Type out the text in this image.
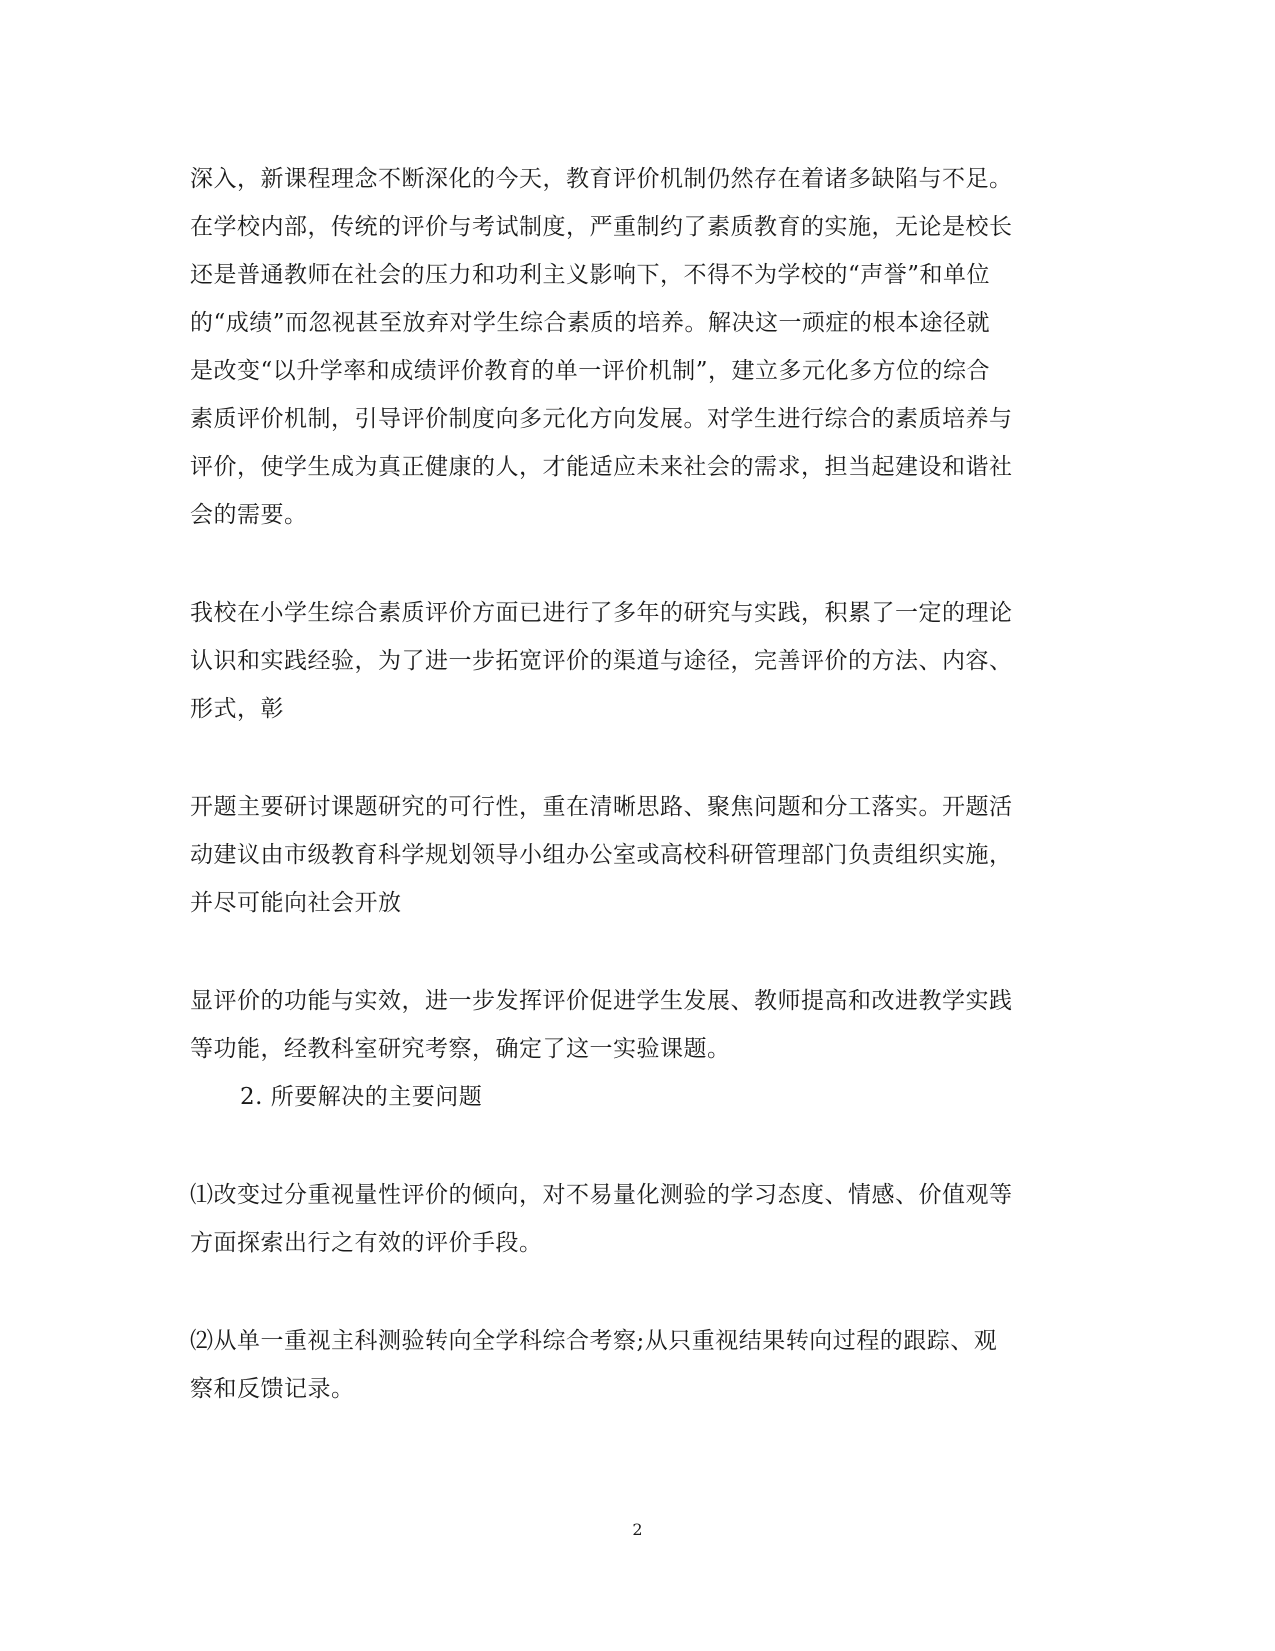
深入，新课程理念不断深化的今天，教育评价机制仍然存在着诸多缺陷与不足。
在学校内部，传统的评价与考试制度，严重制约了素质教育的实施，无论是校长
还是普通教师在社会的压力和功利主义影响下，不得不为学校的“声誉”和单位
的“成绩”而忽视甚至放弃对学生综合素质的培养。解决这一顽症的根本途径就
是改变“以升学率和成绩评价教育的单一评价机制”，建立多元化多方位的综合
素质评价机制，引导评价制度向多元化方向发展。对学生进行综合的素质培养与
评价，使学生成为真正健康的人，才能适应未来社会的需求，担当起建设和谐社
会的需要。
我校在小学生综合素质评价方面已进行了多年的研究与实践，积累了一定的理论
认识和实践经验，为了进一步拓宽评价的渠道与途径，完善评价的方法、内容、
形式，彰
开题主要研讨课题研究的可行性，重在清晰思路、聚焦问题和分工落实。开题活
动建议由市级教育科学规划领导小组办公室或高校科研管理部门负责组织实施，
并尽可能向社会开放
显评价的功能与实效，进一步发挥评价促进学生发展、教师提高和改进教学实践
等功能，经教科室研究考察，确定了这一实验课题。
2. 所要解决的主要问题
⑴改变过分重视量性评价的倾向，对不易量化测验的学习态度、情感、价值观等
方面探索出行之有效的评价手段。
⑵从单一重视主科测验转向全学科综合考察;从只重视结果转向过程的跟踪、观
察和反馈记录。
2
